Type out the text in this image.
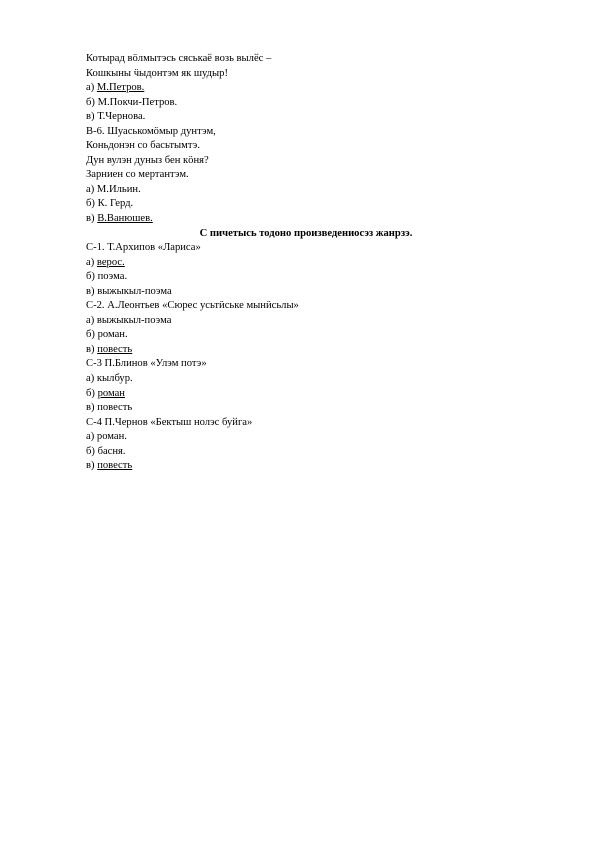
Котырад вӧлмытэсь сяськаӗ возь вылӗс –
Кошкыны ӵыдонтэм як шудыр!
а) М.Петров.
б) М.Покчи-Петров.
в) Т.Чернова.
В-6. Шуаськомӧмыр дунтэм,
Коньдонэн со басьтымтэ.
Дун вулэн дуныз бен кӧня?
Зарниен со мертантэм.
а) М.Ильин.
б) К. Герд.
в) В.Ванюшев.
С пичетысь тодоно произведениосэз жанрзэ.
С-1. Т.Архипов «Лариса»
а) верос.
б) поэма.
в) выжыкыл-поэма
С-2. А.Леонтьев «Сюрес усьтӥське мынӥсьлы»
а) выжыкыл-поэма
б) роман.
в) повесть
С-3 П.Блинов «Улэм потэ»
а) кылбур.
б) роман
в) повесть
С-4 П.Чернов «Бектыш нолэс буйга»
а) роман.
б) басня.
в) повесть
